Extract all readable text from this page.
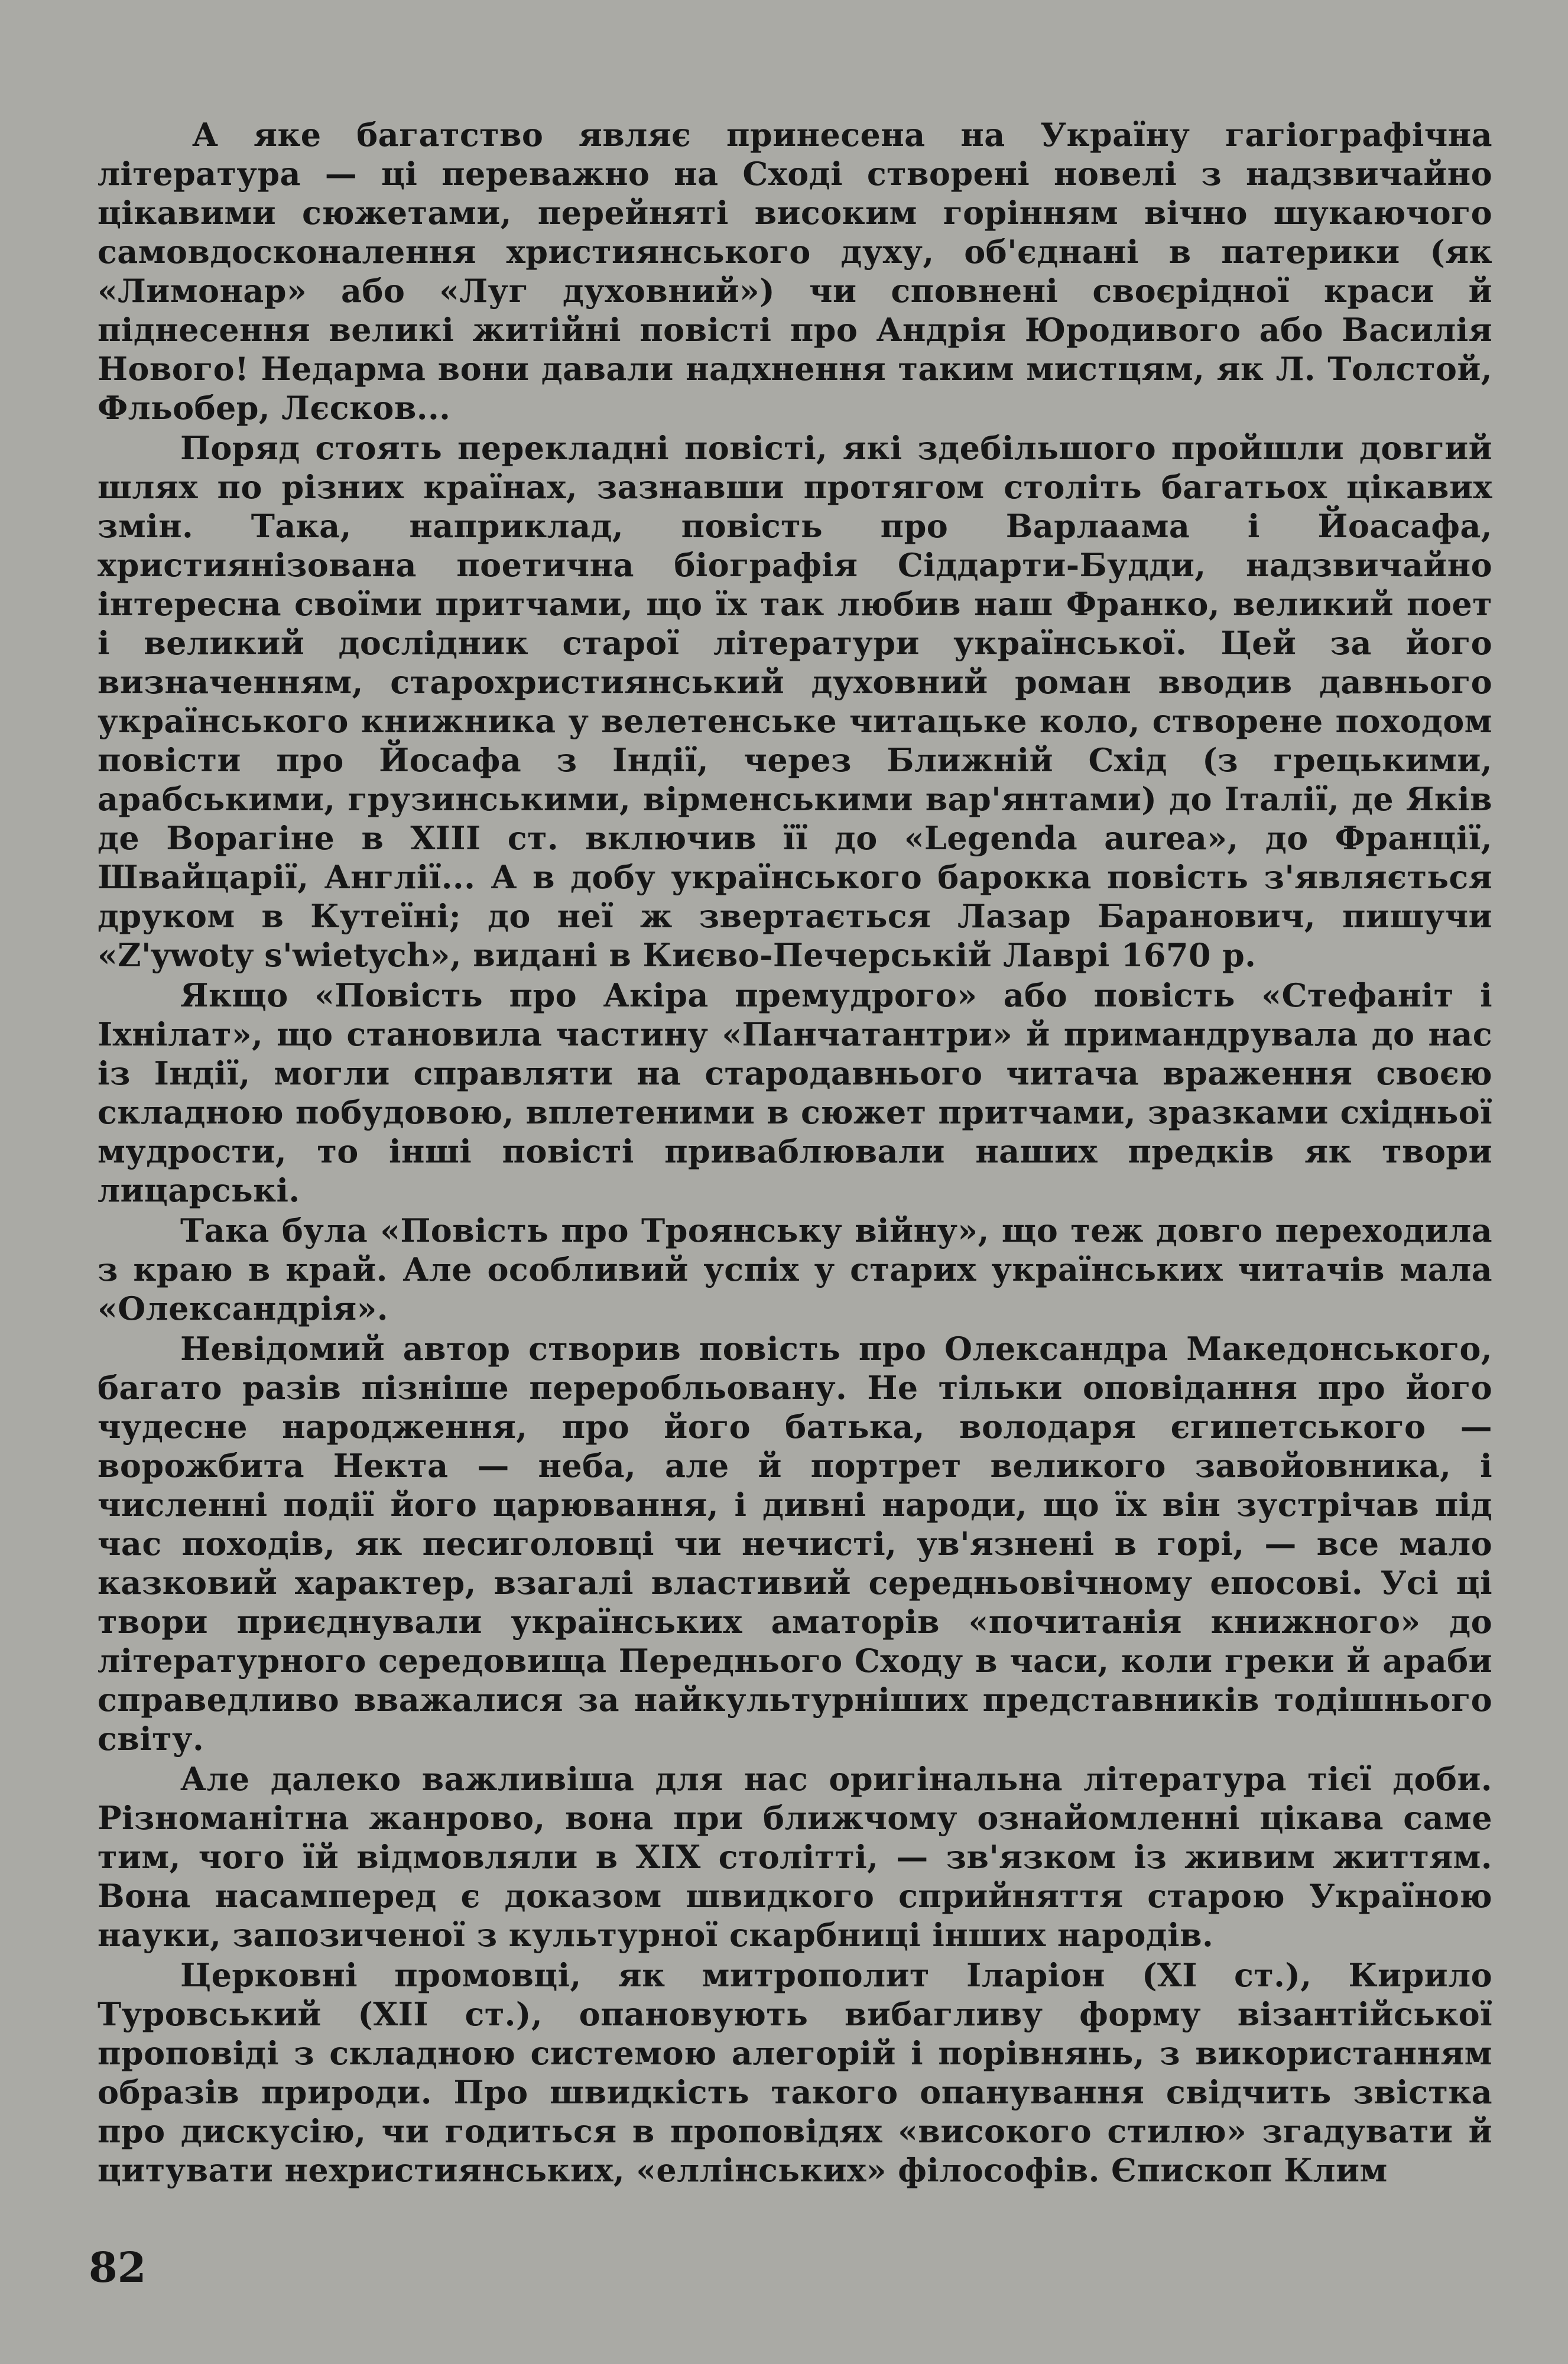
А яке багатство являє принесена на Україну гагіографічна література — ці переважно на Сході створені новелі з надзвичайно цікавими сюжетами, перейняті високим горінням вічно шукаючого самовдосконалення християнського духу, об'єднані в патерики (як «Лимонар» або «Луг духовний») чи сповнені своєрідної краси й піднесення великі житійні повісті про Андрія Юродивого або Василія Нового! Недарма вони давали надхнення таким мистцям, як Л. Толстой, Фльобер, Лєсков...

Поряд стоять перекладні повісті, які здебільшого пройшли довгий шлях по різних країнах, зазнавши протягом століть багатьох цікавих змін. Така, наприклад, повість про Варлаама і Йоасафа, християнізована поетична біографія Сіддарти-Будди, надзвичайно інтересна своїми притчами, що їх так любив наш Франко, великий поет і великий дослідник старої літератури української. Цей за його визначенням, старохристиянський духовний роман вводив давнього українського книжника у велетенське читацьке коло, створене походом повісти про Йосафа з Індії, через Ближній Схід (з грецькими, арабськими, грузинськими, вірменськими вар'янтами) до Італії, де Яків де Ворагіне в XIII ст. включив її до «Legenda aurea», до Франції, Швайцарії, Англії... А в добу українського барокка повість з'являється друком в Кутеїні; до неї ж звертається Лазар Баранович, пишучи «Z'ywoty s'wietych», видані в Києво-Печерській Лаврі 1670 р.

Якщо «Повість про Акіра премудрого» або повість «Стефаніт і Іхнілат», що становила частину «Панчатантри» й примандрувала до нас із Індії, могли справляти на стародавнього читача враження своєю складною побудовою, вплетеними в сюжет притчами, зразками східньої мудрости, то інші повісті приваблювали наших предків як твори лицарські.

Така була «Повість про Троянську війну», що теж довго переходила з краю в край. Але особливий успіх у старих українських читачів мала «Олександрія».

Невідомий автор створив повість про Олександра Македонського, багато разів пізніше переробльовану. Не тільки оповідання про його чудесне народження, про його батька, володаря єгипетського — ворожбита Некта — неба, але й портрет великого завойовника, і численні події його царювання, і дивні народи, що їх він зустрічав під час походів, як песиголовці чи нечисті, ув'язнені в горі, — все мало казковий характер, взагалі властивий середньовічному епосові. Усі ці твори приєднували українських аматорів «почитанія книжного» до літературного середовища Переднього Сходу в часи, коли греки й араби справедливо вважалися за найкультурніших представників тодішнього світу.

Але далеко важливіша для нас оригінальна література тієї доби. Різноманітна жанрово, вона при ближчому ознайомленні цікава саме тим, чого їй відмовляли в XIX столітті, — зв'язком із живим життям. Вона насамперед є доказом швидкого сприйняття старою Україною науки, запозиченої з культурної скарбниці інших народів.

Церковні промовці, як митрополит Іларіон (XI ст.), Кирило Туровський (XII ст.), опановують вибагливу форму візантійської проповіді з складною системою алегорій і порівнянь, з використанням образів природи. Про швидкість такого опанування свідчить звістка про дискусію, чи годиться в проповідях «високого стилю» згадувати й цитувати нехристиянських, «еллінських» філософів. Єпископ Клим

82
